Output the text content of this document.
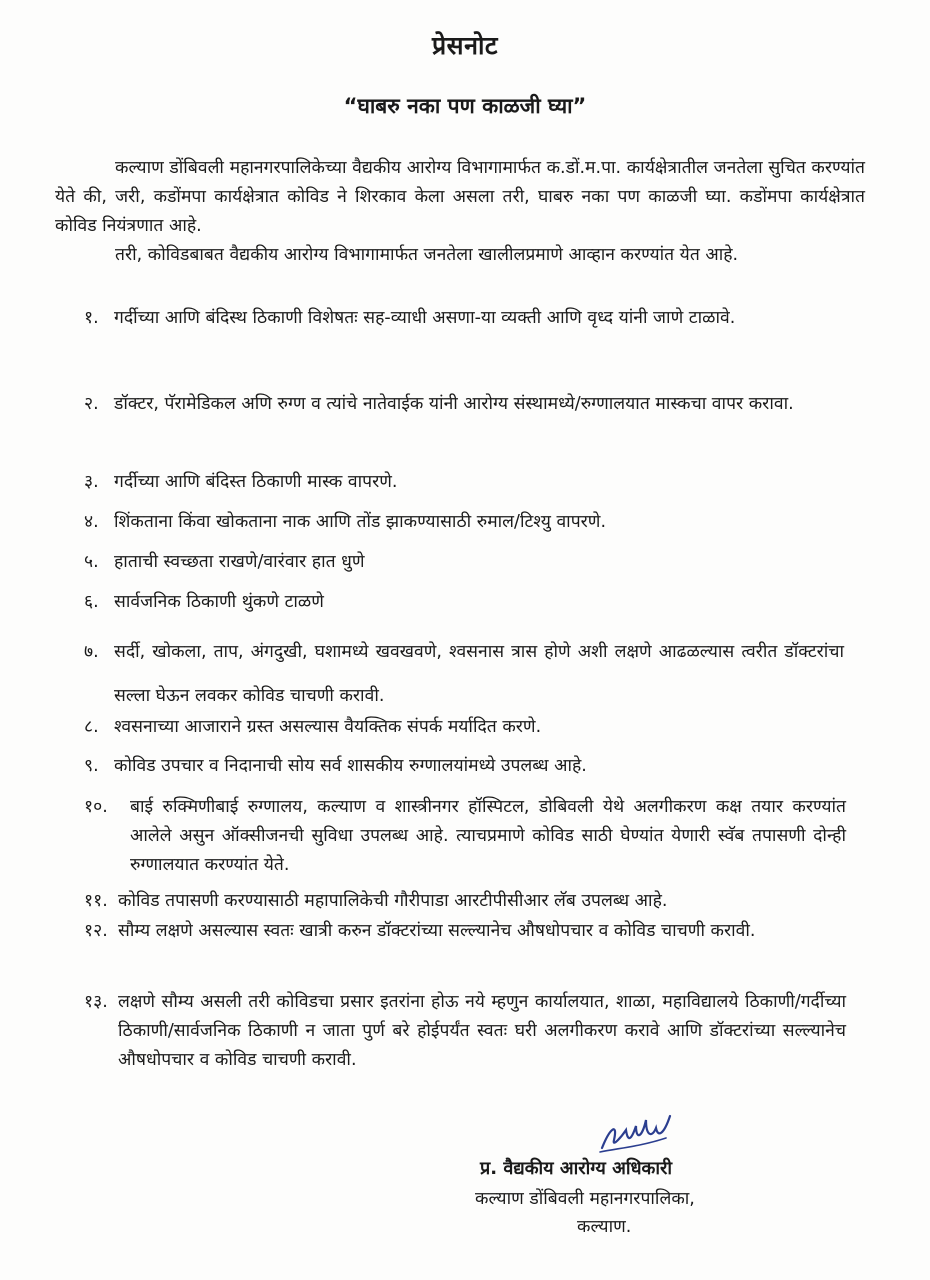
प्रेसनोट
“घाबरु नका पण काळजी घ्या”
कल्याण डोंबिवली महानगरपालिकेच्या वैद्यकीय आरोग्य विभागामार्फत क.डों.म.पा. कार्यक्षेत्रातील जनतेला सुचित करण्यांत येते की, जरी, कडोंमपा कार्यक्षेत्रात कोविड ने शिरकाव केला असला तरी, घाबरु नका पण काळजी घ्या. कडोंमपा कार्यक्षेत्रात कोविड नियंत्रणात आहे.
तरी, कोविडबाबत वैद्यकीय आरोग्य विभागामार्फत जनतेला खालीलप्रमाणे आव्हान करण्यांत येत आहे.
१. गर्दीच्या आणि बंदिस्थ ठिकाणी विशेषतः सह-व्याधी असणा-या व्यक्ती आणि वृध्द यांनी जाणे टाळावे.
२. डॉक्टर, पॅरामेडिकल अणि रुग्ण व त्यांचे नातेवाईक यांनी आरोग्य संस्थामध्ये/रुग्णालयात मास्कचा वापर करावा.
३. गर्दीच्या आणि बंदिस्त ठिकाणी मास्क वापरणे.
४. शिंकताना किंवा खोकताना नाक आणि तोंड झाकण्यासाठी रुमाल/टिश्यु वापरणे.
५. हाताची स्वच्छता राखणे/वारंवार हात धुणे
६. सार्वजनिक ठिकाणी थुंकणे टाळणे
७. सर्दी, खोकला, ताप, अंगदुखी, घशामध्ये खवखवणे, श्वसनास त्रास होणे अशी लक्षणे आढळल्यास त्वरीत डॉक्टरांचा सल्ला घेऊन लवकर कोविड चाचणी करावी.
८. श्वसनाच्या आजाराने ग्रस्त असल्यास वैयक्तिक संपर्क मर्यादित करणे.
९. कोविड उपचार व निदानाची सोय सर्व शासकीय रुग्णालयांमध्ये उपलब्ध आहे.
१०.	बाई रुक्मिणीबाई रुग्णालय, कल्याण व शास्त्रीनगर हॉस्पिटल, डोबिवली येथे अलगीकरण कक्ष तयार करण्यांत आलेले असुन ऑक्सीजनची सुविधा उपलब्ध आहे. त्याचप्रमाणे कोविड साठी घेण्यांत येणारी स्वॅब तपासणी दोन्ही रुग्णालयात करण्यांत येते.
११. कोविड तपासणी करण्यासाठी महापालिकेची गौरीपाडा आरटीपीसीआर लॅब उपलब्ध आहे.
१२. सौम्य लक्षणे असल्यास स्वतः खात्री करुन डॉक्टरांच्या सल्ल्यानेच औषधोपचार व कोविड चाचणी करावी.
१३. लक्षणे सौम्य असली तरी कोविडचा प्रसार इतरांना होऊ नये म्हणुन कार्यालयात, शाळा, महाविद्यालये ठिकाणी/गर्दीच्या ठिकाणी/सार्वजनिक ठिकाणी न जाता पुर्ण बरे होईपर्यंत स्वतः घरी अलगीकरण करावे आणि डॉक्टरांच्या सल्ल्यानेच औषधोपचार व कोविड चाचणी करावी.
प्र. वैद्यकीय आरोग्य अधिकारी
कल्याण डोंबिवली महानगरपालिका,
कल्याण.
